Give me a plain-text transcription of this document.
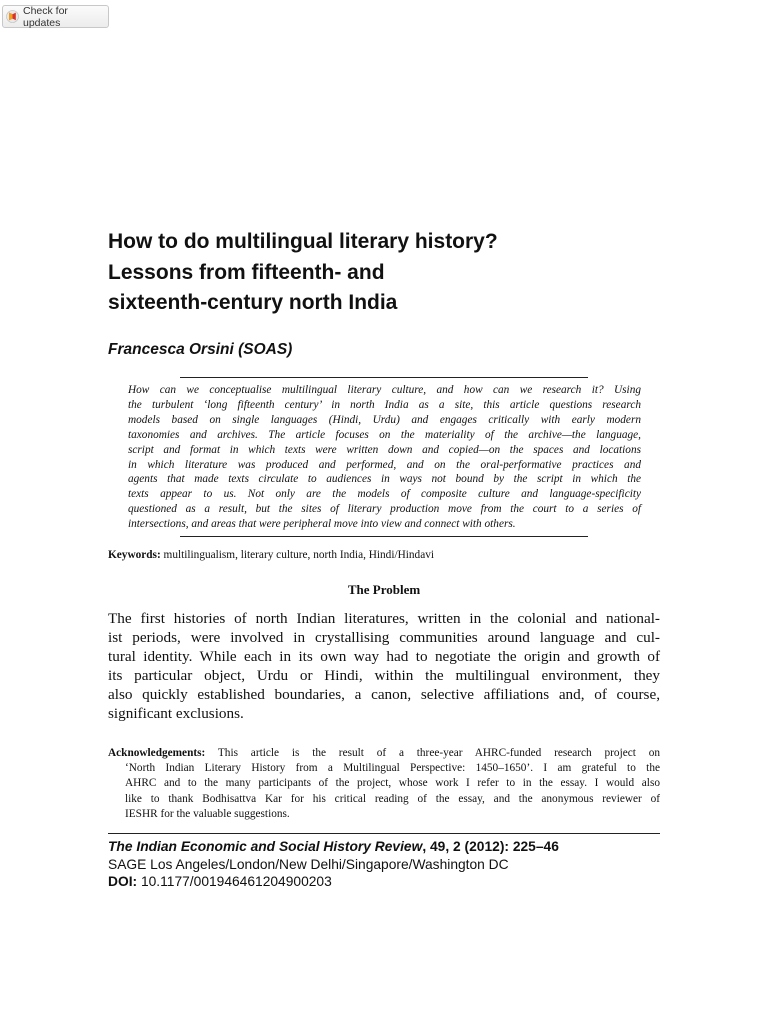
Check for updates
How to do multilingual literary history?
Lessons from fifteenth- and
sixteenth-century north India
Francesca Orsini (SOAS)
How can we conceptualise multilingual literary culture, and how can we research it? Using
the turbulent ‘long fifteenth century’ in north India as a site, this article questions research
models based on single languages (Hindi, Urdu) and engages critically with early modern
taxonomies and archives. The article focuses on the materiality of the archive—the language,
script and format in which texts were written down and copied—on the spaces and locations
in which literature was produced and performed, and on the oral-performative practices and
agents that made texts circulate to audiences in ways not bound by the script in which the
texts appear to us. Not only are the models of composite culture and language-specificity
questioned as a result, but the sites of literary production move from the court to a series of
intersections, and areas that were peripheral move into view and connect with others.
Keywords: multilingualism, literary culture, north India, Hindi/Hindavi
The Problem
The first histories of north Indian literatures, written in the colonial and national-
ist periods, were involved in crystallising communities around language and cul-
tural identity. While each in its own way had to negotiate the origin and growth of
its particular object, Urdu or Hindi, within the multilingual environment, they
also quickly established boundaries, a canon, selective affiliations and, of course,
significant exclusions.
Acknowledgements: This article is the result of a three-year AHRC-funded research project on
‘North Indian Literary History from a Multilingual Perspective: 1450–1650’. I am grateful to the
AHRC and to the many participants of the project, whose work I refer to in the essay. I would also
like to thank Bodhisattva Kar for his critical reading of the essay, and the anonymous reviewer of
IESHR for the valuable suggestions.
The Indian Economic and Social History Review, 49, 2 (2012): 225–46
SAGE Los Angeles/London/New Delhi/Singapore/Washington DC
DOI: 10.1177/001946461204900203
